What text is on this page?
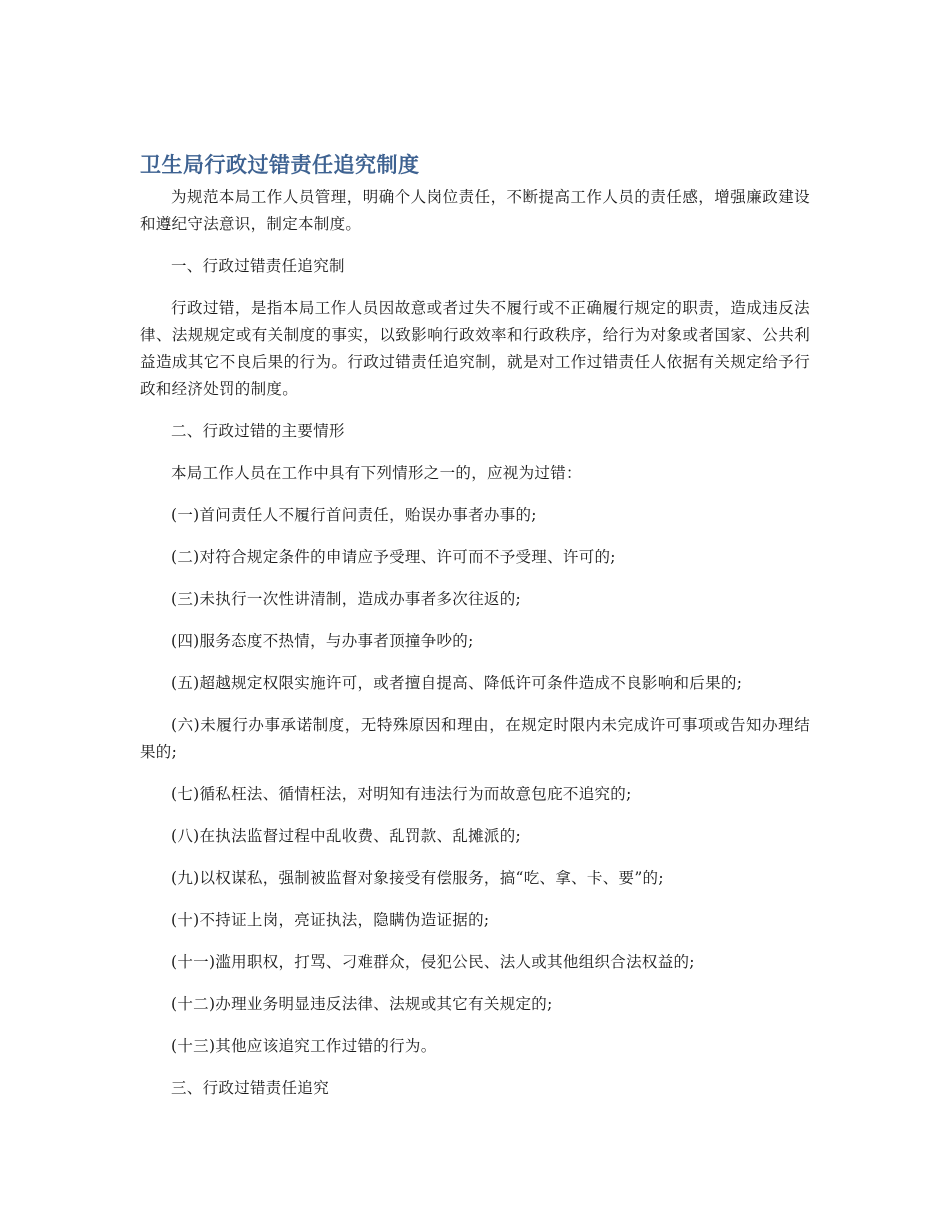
卫生局行政过错责任追究制度

为规范本局工作人员管理，明确个人岗位责任，不断提高工作人员的责任感，增强廉政建设和遵纪守法意识，制定本制度。

一、行政过错责任追究制

行政过错，是指本局工作人员因故意或者过失不履行或不正确履行规定的职责，造成违反法律、法规规定或有关制度的事实，以致影响行政效率和行政秩序，给行为对象或者国家、公共利益造成其它不良后果的行为。行政过错责任追究制，就是对工作过错责任人依据有关规定给予行政和经济处罚的制度。

二、行政过错的主要情形

本局工作人员在工作中具有下列情形之一的，应视为过错：

(一)首问责任人不履行首问责任，贻误办事者办事的;

(二)对符合规定条件的申请应予受理、许可而不予受理、许可的;

(三)未执行一次性讲清制，造成办事者多次往返的;

(四)服务态度不热情，与办事者顶撞争吵的;

(五)超越规定权限实施许可，或者擅自提高、降低许可条件造成不良影响和后果的;

(六)未履行办事承诺制度，无特殊原因和理由，在规定时限内未完成许可事项或告知办理结果的;

(七)循私枉法、循情枉法，对明知有违法行为而故意包庇不追究的;

(八)在执法监督过程中乱收费、乱罚款、乱摊派的;

(九)以权谋私，强制被监督对象接受有偿服务，搞“吃、拿、卡、要”的;

(十)不持证上岗，亮证执法，隐瞒伪造证据的;

(十一)滥用职权，打骂、刁难群众，侵犯公民、法人或其他组织合法权益的;

(十二)办理业务明显违反法律、法规或其它有关规定的;

(十三)其他应该追究工作过错的行为。

三、行政过错责任追究
